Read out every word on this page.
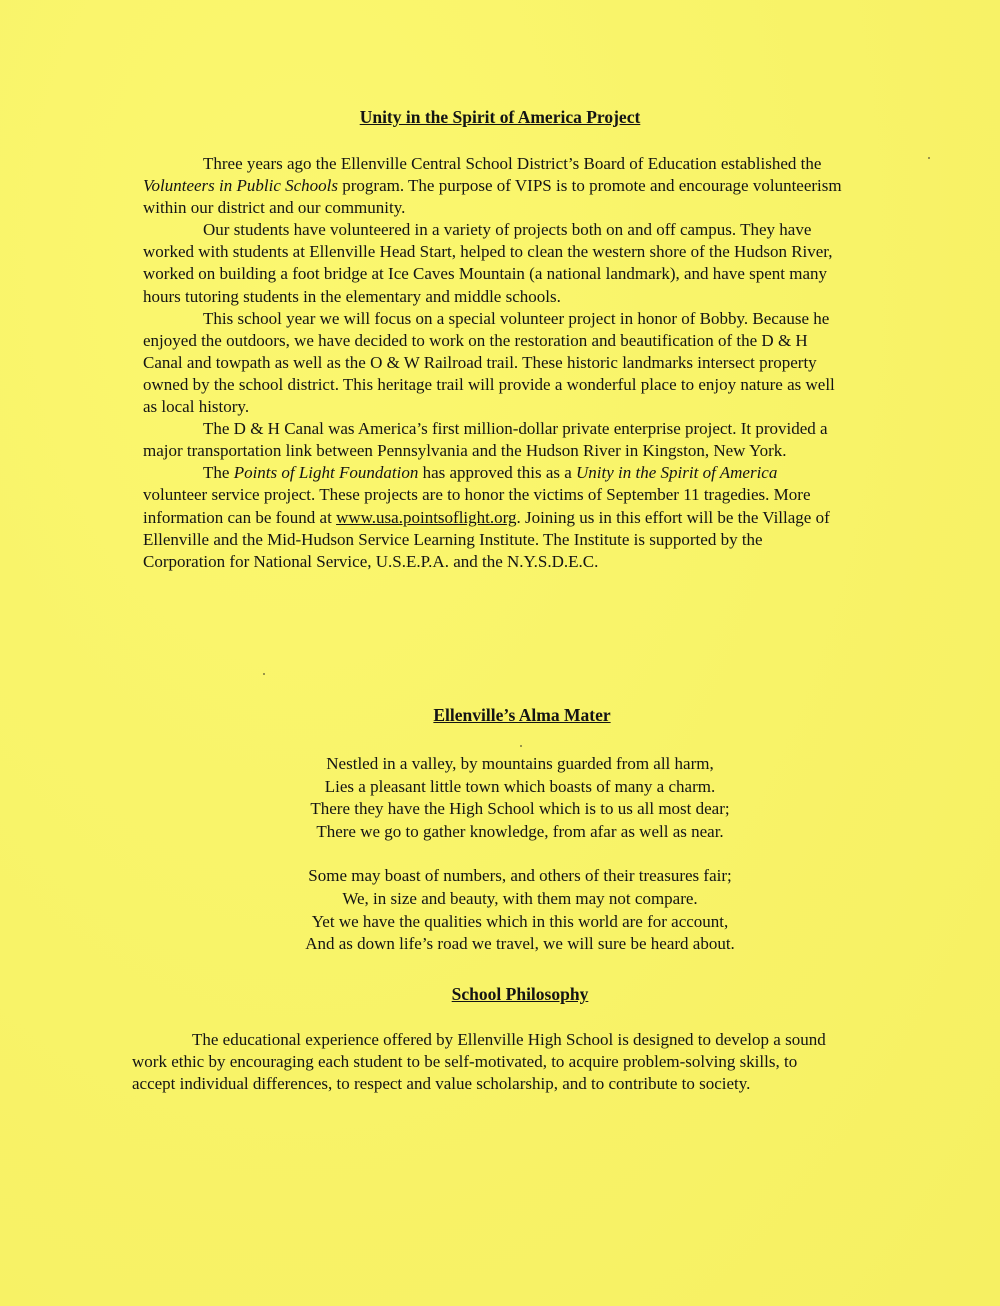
Unity in the Spirit of America Project

Three years ago the Ellenville Central School District’s Board of Education established the Volunteers in Public Schools program. The purpose of VIPS is to promote and encourage volunteerism within our district and our community.

Our students have volunteered in a variety of projects both on and off campus. They have worked with students at Ellenville Head Start, helped to clean the western shore of the Hudson River, worked on building a foot bridge at Ice Caves Mountain (a national landmark), and have spent many hours tutoring students in the elementary and middle schools.

This school year we will focus on a special volunteer project in honor of Bobby. Because he enjoyed the outdoors, we have decided to work on the restoration and beautification of the D & H Canal and towpath as well as the O & W Railroad trail. These historic landmarks intersect property owned by the school district. This heritage trail will provide a wonderful place to enjoy nature as well as local history.

The D & H Canal was America’s first million-dollar private enterprise project. It provided a major transportation link between Pennsylvania and the Hudson River in Kingston, New York.

The Points of Light Foundation has approved this as a Unity in the Spirit of America volunteer service project. These projects are to honor the victims of September 11 tragedies. More information can be found at www.usa.pointsoflight.org. Joining us in this effort will be the Village of Ellenville and the Mid-Hudson Service Learning Institute. The Institute is supported by the Corporation for National Service, U.S.E.P.A. and the N.Y.S.D.E.C.

Ellenville’s Alma Mater
Nestled in a valley, by mountains guarded from all harm,
Lies a pleasant little town which boasts of many a charm.
There they have the High School which is to us all most dear;
There we go to gather knowledge, from afar as well as near.
Some may boast of numbers, and others of their treasures fair;
We, in size and beauty, with them may not compare.
Yet we have the qualities which in this world are for account,
And as down life’s road we travel, we will sure be heard about.
School Philosophy

The educational experience offered by Ellenville High School is designed to develop a sound work ethic by encouraging each student to be self-motivated, to acquire problem-solving skills, to accept individual differences, to respect and value scholarship, and to contribute to society.
